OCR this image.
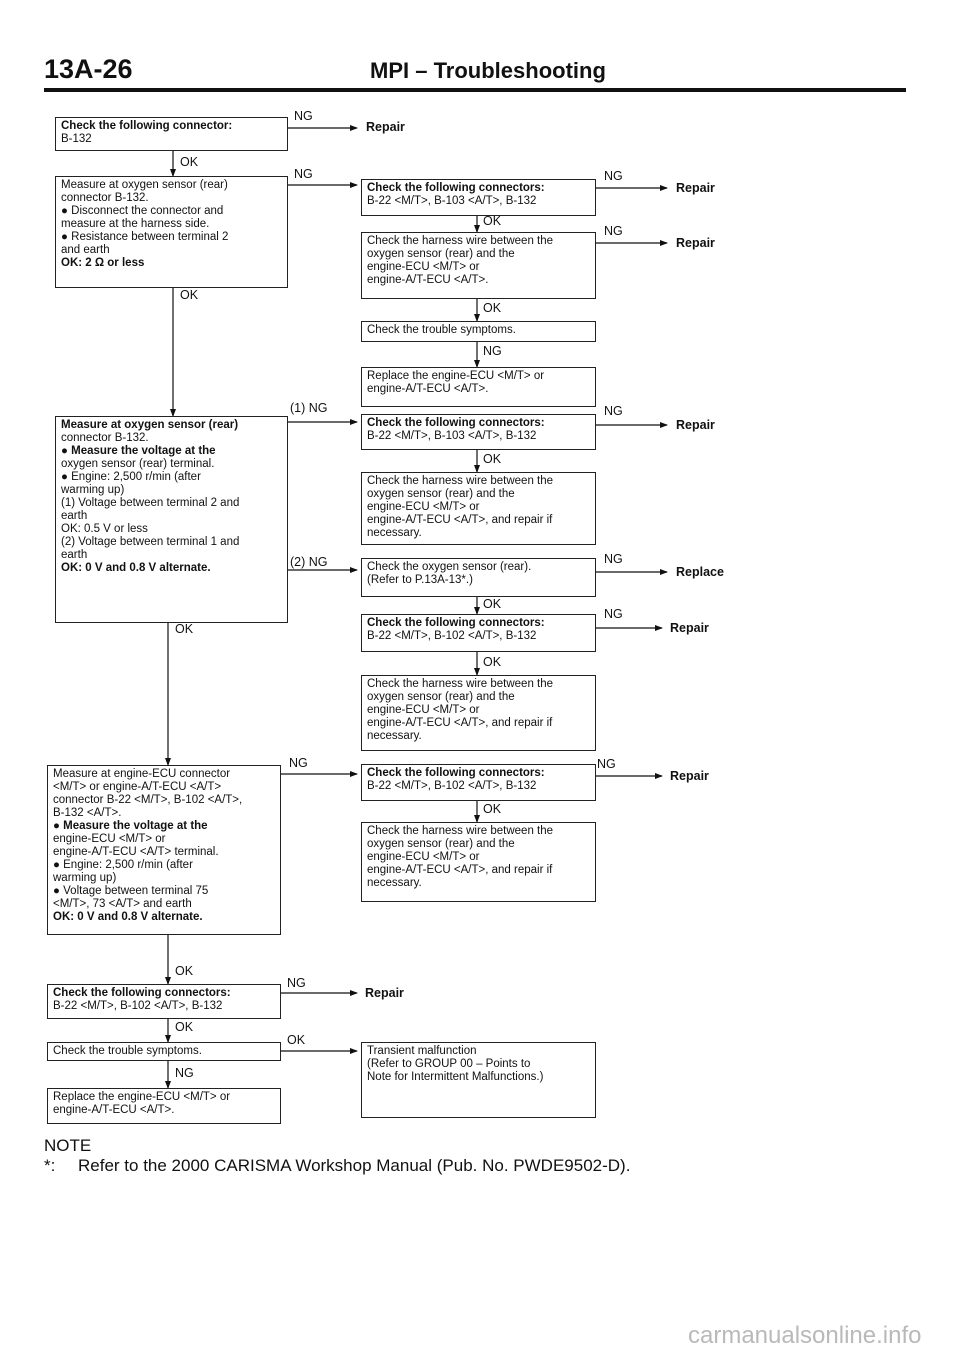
13A-26	MPI – Troubleshooting
Check the following connector:
B-132
Measure at oxygen sensor (rear)
connector B-132.
● Disconnect the connector and
measure at the harness side.
● Resistance between terminal 2
and earth
OK: 2 Ω or less
Measure at oxygen sensor (rear)
connector B-132.
● Measure the voltage at the
oxygen sensor (rear) terminal.
● Engine: 2,500 r/min (after
warming up)
(1) Voltage between terminal 2 and
earth
OK: 0.5 V or less
(2) Voltage between terminal 1 and
earth
OK: 0 V and 0.8 V alternate.
Measure at engine-ECU connector
<M/T> or engine-A/T-ECU <A/T>
connector B-22 <M/T>, B-102 <A/T>,
B-132 <A/T>.
● Measure the voltage at the
engine-ECU <M/T> or
engine-A/T-ECU <A/T> terminal.
● Engine: 2,500 r/min (after
warming up)
● Voltage between terminal 75
<M/T>, 73 <A/T> and earth
OK: 0 V and 0.8 V alternate.
Check the following connectors:
B-22 <M/T>, B-102 <A/T>, B-132
Check the trouble symptoms.
Replace the engine-ECU <M/T> or
engine-A/T-ECU <A/T>.
Check the following connectors:
B-22 <M/T>, B-103 <A/T>, B-132
Check the harness wire between the
oxygen sensor (rear) and the
engine-ECU <M/T> or
engine-A/T-ECU <A/T>.
Check the trouble symptoms.
Replace the engine-ECU <M/T> or
engine-A/T-ECU <A/T>.
Check the following connectors:
B-22 <M/T>, B-103 <A/T>, B-132
Check the harness wire between the
oxygen sensor (rear) and the
engine-ECU <M/T> or
engine-A/T-ECU <A/T>, and repair if
necessary.
Check the oxygen sensor (rear).
(Refer to P.13A-13*.)
Check the following connectors:
B-22 <M/T>, B-102 <A/T>, B-132
Check the harness wire between the
oxygen sensor (rear) and the
engine-ECU <M/T> or
engine-A/T-ECU <A/T>, and repair if
necessary.
Check the following connectors:
B-22 <M/T>, B-102 <A/T>, B-132
Check the harness wire between the
oxygen sensor (rear) and the
engine-ECU <M/T> or
engine-A/T-ECU <A/T>, and repair if
necessary.
Transient malfunction
(Refer to GROUP 00 – Points to
Note for Intermittent Malfunctions.)
NG
OK
NG	NG
OK
NG
OK
OK
NG
(1) NG	NG
OK
(2) NG	NG
OK
NG
OK
OK
NG	NG
OK
OK
NG
OK
OK
NG
Repair
Repair
Repair
Repair
Replace
Repair
Repair
Repair
NOTE
*: Refer to the 2000 CARISMA Workshop Manual (Pub. No. PWDE9502-D).
carmanualsonline.info
